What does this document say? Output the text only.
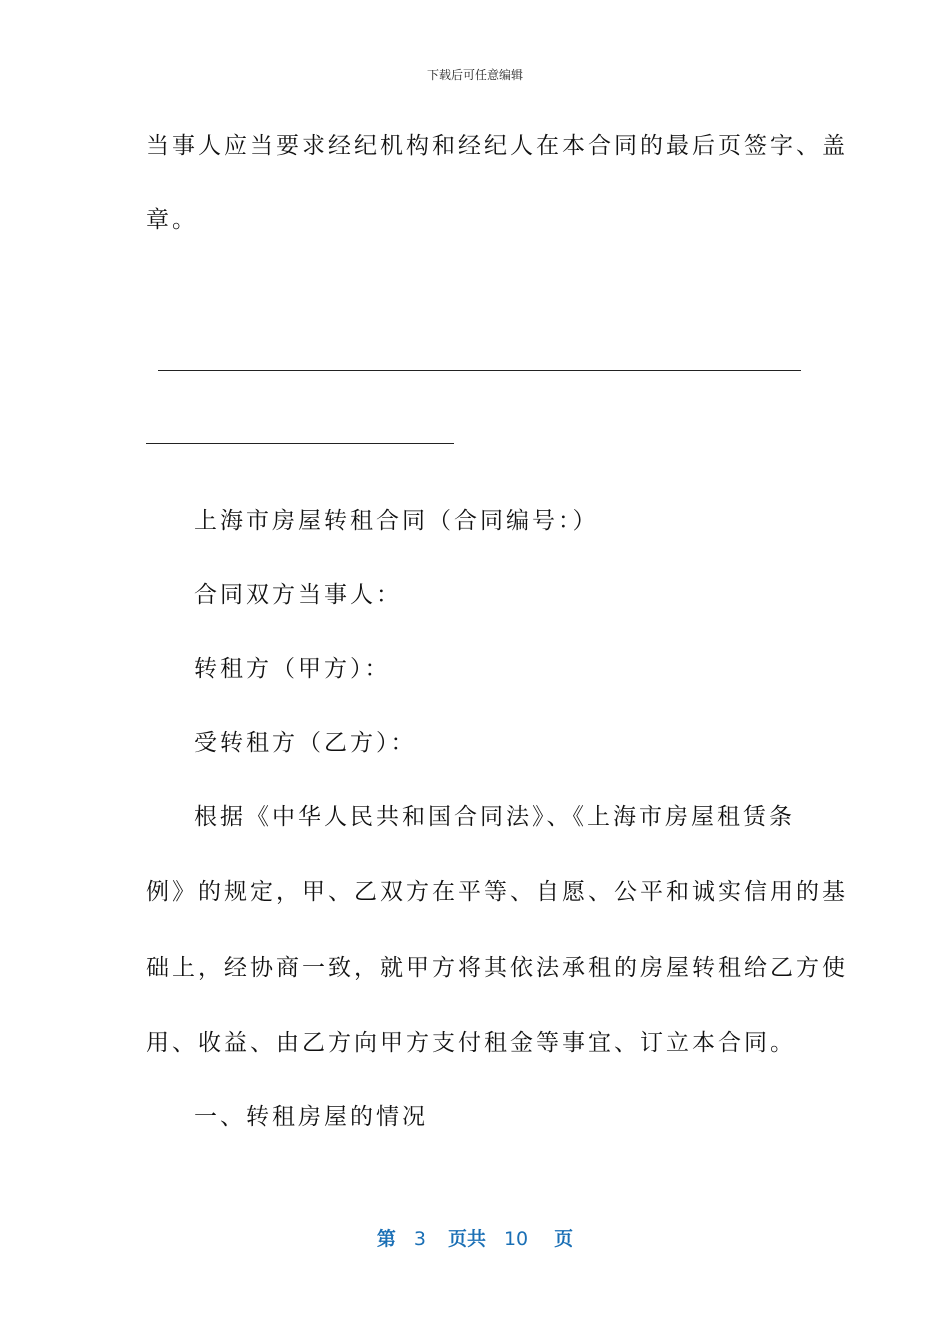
下载后可任意编辑
当事人应当要求经纪机构和经纪人在本合同的最后页签字、盖
章。
上海市房屋转租合同（合同编号：）
合同双方当事人：
转租方（甲方）：
受转租方（乙方）：
根据《中华人民共和国合同法》、《上海市房屋租赁条
例》的规定，甲、乙双方在平等、自愿、公平和诚实信用的基
础上，经协商一致，就甲方将其依法承租的房屋转租给乙方使
用、收益、由乙方向甲方支付租金等事宜、订立本合同。
一、转租房屋的情况
第 3 页共 10 页
